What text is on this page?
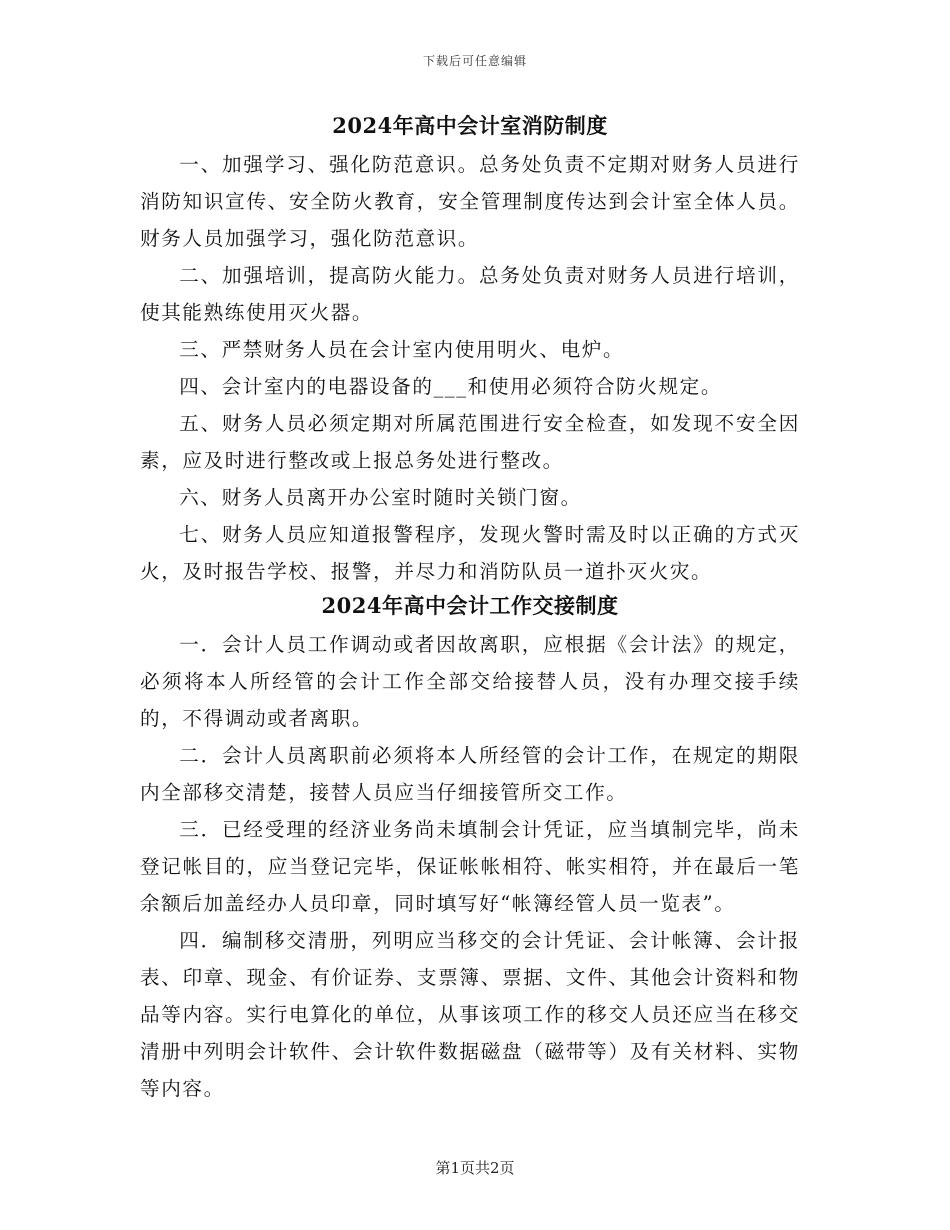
下载后可任意编辑
2024年高中会计室消防制度

一、加强学习、强化防范意识。总务处负责不定期对财务人员进行消防知识宣传、安全防火教育，安全管理制度传达到会计室全体人员。财务人员加强学习，强化防范意识。

二、加强培训，提高防火能力。总务处负责对财务人员进行培训，使其能熟练使用灭火器。

三、严禁财务人员在会计室内使用明火、电炉。

四、会计室内的电器设备的___和使用必须符合防火规定。

五、财务人员必须定期对所属范围进行安全检查，如发现不安全因素，应及时进行整改或上报总务处进行整改。

六、财务人员离开办公室时随时关锁门窗。

七、财务人员应知道报警程序，发现火警时需及时以正确的方式灭火，及时报告学校、报警，并尽力和消防队员一道扑灭火灾。

2024年高中会计工作交接制度

一．会计人员工作调动或者因故离职，应根据《会计法》的规定，必须将本人所经管的会计工作全部交给接替人员，没有办理交接手续的，不得调动或者离职。

二．会计人员离职前必须将本人所经管的会计工作，在规定的期限内全部移交清楚，接替人员应当仔细接管所交工作。

三．已经受理的经济业务尚未填制会计凭证，应当填制完毕，尚未登记帐目的，应当登记完毕，保证帐帐相符、帐实相符，并在最后一笔余额后加盖经办人员印章，同时填写好“帐簿经管人员一览表”。

四．编制移交清册，列明应当移交的会计凭证、会计帐簿、会计报表、印章、现金、有价证券、支票簿、票据、文件、其他会计资料和物品等内容。实行电算化的单位，从事该项工作的移交人员还应当在移交清册中列明会计软件、会计软件数据磁盘（磁带等）及有关材料、实物等内容。

第1页共2页
